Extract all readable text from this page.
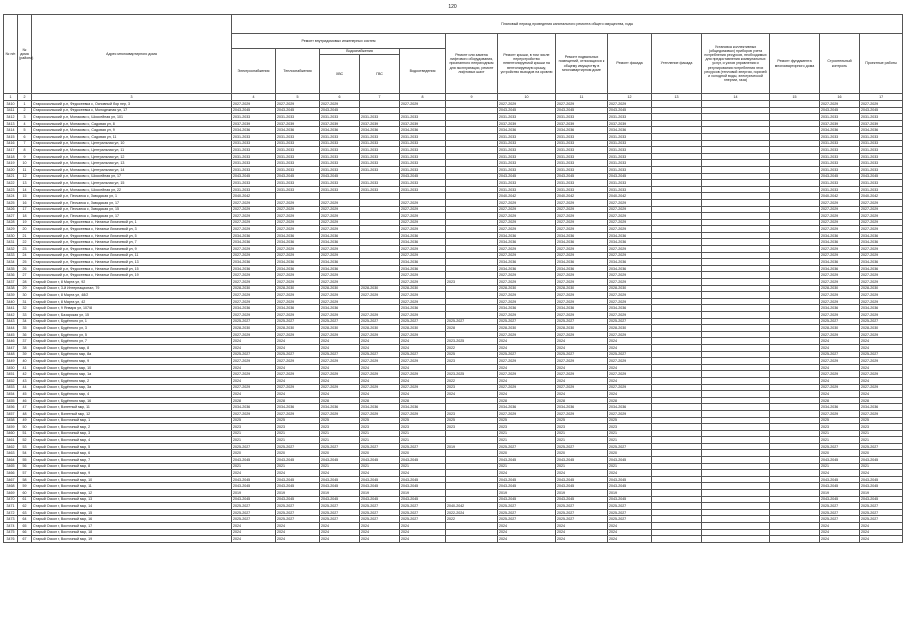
120
№ п/п	№ дома (района)	Адрес многоквартирного дома	Плановый период проведения капитального ремонта общего имущества, годы													
			Ремонт внутридомовых инженерных систем					Ремонт или замена лифтового оборудования, признанного непригодным для эксплуатации, ремонт лифтовых шахт	Ремонт крыши, в том числе переустройство невентилируемой крыши на вентилируемую крышу, устройство выходов на кровлю	Ремонт подвальных помещений, относящихся к общему имуществу в многоквартирном доме	Ремонт фасада	Утепление фасада	Установка коллективных (общедомовых) приборов учета потребления ресурсов, необходимых для предоставления коммунальных услуг, и узлов управления и регулирования потребления этих ресурсов (тепловой энергии, горячей и холодной воды, электрической энергии, газа)	Ремонт фундамента многоквартирного дома	Строительный контроль	Проектные работы
			Электроснабжения	Теплоснабжения	Водоснабжения		Водоотведения									
					ХВС	ГВС										
1	2	3	4	5	6	7	8	9	10	11	12	13	14	15	16	17
3410	1	Старооскольский р-н, Федосеевка с, Основный бор пер, 3	2027-2029	2027-2029	2027-2029		2027-2029		2027-2029	2027-2029	2027-2029				2027-2029	2027-2029
3411	2	Старооскольский р-н, Федосеевка с, Молодежная ул, 17	2043-2045	2043-2045	2043-2045				2043-2045	2043-2045	2043-2045				2043-2045	2043-2045
3412	3	Старооскольский р-н, Монаково с, Шоссейная ул, 101	2031-2033	2031-2033	2031-2033	2031-2033	2031-2033		2031-2033	2031-2033	2031-2033				2031-2033	2031-2033
3413	4	Старооскольский р-н, Монаково с, Садовая ул, 8	2037-2039	2037-2039	2037-2039	2037-2039	2037-2039		2037-2039	2037-2039	2037-2039				2037-2039	2037-2039
3414	5	Старооскольский р-н, Монаково с, Садовая ул, 9	2034-2036	2034-2036	2034-2036	2034-2036	2034-2036		2034-2036	2034-2036	2034-2036				2034-2036	2034-2036
3415	6	Старооскольский р-н, Монаково с, Садовая ул, 11	2031-2033	2031-2033	2031-2033	2031-2033	2031-2033		2031-2033	2031-2033	2031-2033				2031-2033	2031-2033
3416	7	Старооскольский р-н, Монаково с, Центральная ул, 10	2031-2033	2031-2033	2031-2033	2031-2033	2031-2033		2031-2033	2031-2033	2031-2033				2031-2033	2031-2033
3417	8	Старооскольский р-н, Монаково с, Центральная ул, 11	2031-2033	2031-2033	2031-2033	2031-2033	2031-2033		2031-2033	2031-2033	2031-2033				2031-2033	2031-2033
3418	9	Старооскольский р-н, Монаково с, Центральная ул, 12	2031-2033	2031-2033	2031-2033	2031-2033	2031-2033		2031-2033	2031-2033	2031-2033				2031-2033	2031-2033
3419	10	Старооскольский р-н, Монаково с, Центральная ул, 13	2031-2033	2031-2033	2031-2033	2031-2033	2031-2033		2031-2033	2031-2033	2031-2033				2031-2033	2031-2033
3420	11	Старооскольский р-н, Монаково с, Центральная ул, 14	2031-2033	2031-2033	2031-2033	2031-2033	2031-2033		2031-2033	2031-2033	2031-2033				2031-2033	2031-2033
3421	12	Старооскольский р-н, Монаково с, Шоссейная ул, 17	2043-2045	2043-2045	2043-2045		2043-2045		2043-2045	2043-2045	2043-2045				2043-2045	2043-2045
3422	13	Старооскольский р-н, Монаково с, Центральная ул, 15	2031-2033	2031-2033	2031-2033	2031-2033	2031-2033		2031-2033	2031-2033	2031-2033				2031-2033	2031-2033
3423	14	Старооскольский р-н, Монаково с, Шоссейная ул, 22	2031-2033	2031-2033	2031-2033	2031-2033	2031-2033		2031-2033	2031-2033	2031-2033				2031-2033	2031-2033
3424	15	Старооскольский р-н, Песчанка с, Заводская ул, 1	2040-2042						2040-2042	2040-2042	2040-2042				2040-2042	2040-2042
3425	16	Старооскольский р-н, Песчанка с, Заводская ул, 17	2027-2029	2027-2029	2027-2029		2027-2029		2027-2029	2027-2029	2027-2029				2027-2029	2027-2029
3426	17	Старооскольский р-н, Песчанка с, Заводская ул, 15	2027-2029	2027-2029	2027-2029		2027-2029		2027-2029	2027-2029	2027-2029				2027-2029	2027-2029
3427	18	Старооскольский р-н, Песчанка с, Заводская ул, 17	2027-2029	2027-2029	2027-2029		2027-2029		2027-2029	2027-2029	2027-2029				2027-2029	2027-2029
3428	19	Старооскольский р-н, Федосеевка с, Натальи Лихачевой ул, 1	2027-2029	2027-2029	2027-2029		2027-2029		2027-2029	2027-2029	2027-2029				2027-2029	2027-2029
3429	20	Старооскольский р-н, Федосеевка с, Натальи Лихачевой ул, 3	2027-2029	2027-2029	2027-2029		2027-2029		2027-2029	2027-2029	2027-2029				2027-2029	2027-2029
3430	21	Старооскольский р-н, Федосеевка с, Натальи Лихачевой ул, 5	2034-2036	2034-2036	2034-2036		2034-2036		2034-2036	2034-2036	2034-2036				2034-2036	2034-2036
3431	22	Старооскольский р-н, Федосеевка с, Натальи Лихачевой ул, 7	2034-2036	2034-2036	2034-2036		2034-2036		2034-2036	2034-2036	2034-2036				2034-2036	2034-2036
3432	23	Старооскольский р-н, Федосеевка с, Натальи Лихачевой ул, 9	2027-2029	2027-2029	2027-2029		2027-2029		2027-2029	2027-2029	2027-2029				2027-2029	2027-2029
3433	24	Старооскольский р-н, Федосеевка с, Натальи Лихачевой ул, 11	2027-2029	2027-2029	2027-2029		2027-2029		2027-2029	2027-2029	2027-2029				2027-2029	2027-2029
3434	25	Старооскольский р-н, Федосеевка с, Натальи Лихачевой ул, 13	2034-2036	2034-2036	2034-2036		2034-2036		2034-2036	2034-2036	2034-2036				2034-2036	2034-2036
3435	26	Старооскольский р-н, Федосеевка с, Натальи Лихачевой ул, 15	2034-2036	2034-2036	2034-2036		2034-2036		2034-2036	2034-2036	2034-2036				2034-2036	2034-2036
3436	27	Старооскольский р-н, Федосеевка с, Натальи Лихачевой ул, 19	2027-2029	2027-2029	2027-2029		2027-2029		2027-2029	2027-2029	2027-2029				2027-2029	2027-2029
3437	28	Старый Оскол г, 8 Марта ул, 92	2027-2029	2027-2029	2027-2029		2027-2029	2023	2027-2029	2027-2029	2027-2029				2027-2029	2027-2029
3438	29	Старый Оскол г, 3-й Интернационал, 79	2028-2030	2028-2030	2028-2030	2028-2030	2028-2030		2028-2030	2028-2030	2028-2030				2028-2030	2028-2030
3439	30	Старый Оскол г, 8 Марта ул, 48/2	2027-2029	2027-2029	2027-2029	2027-2029	2027-2029		2027-2029	2027-2029	2027-2029				2027-2029	2027-2029
3440	31	Старый Оскол г, 8 Марта ул, 42	2027-2029	2027-2029	2027-2029		2027-2029		2027-2029	2027-2029	2027-2029				2027-2029	2027-2029
3441	32	Старый Оскол г, 9 Января ул, 107/8	2034-2036	2034-2036	2034-2036		2034-2036		2034-2036	2034-2036	2034-2036				2034-2036	2034-2036
3442	33	Старый Оскол г, Базарская ул, 15	2027-2029	2027-2029	2027-2029	2027-2029	2027-2029		2027-2029	2027-2029	2027-2029				2027-2029	2027-2029
3443	34	Старый Оскол г, Будённого ул, 1	2025-2027	2025-2027	2025-2027	2025-2027	2025-2027	2025-2027	2025-2027	2025-2027	2025-2027				2025-2027	2025-2027
3444	35	Старый Оскол г, Будённого ул, 3	2028-2030	2028-2030	2028-2030	2028-2030	2028-2030	2028	2028-2030	2028-2030	2028-2030				2028-2030	2028-2030
3445	36	Старый Оскол г, Будённого ул, 5	2027-2029	2027-2029	2027-2029	2027-2029	2027-2029		2027-2029	2027-2029	2027-2029				2027-2029	2027-2029
3446	37	Старый Оскол г, Будённого ул, 7	2024	2024	2024	2024	2024	2023-2025	2024	2024	2024				2024	2024
3447	38	Старый Оскол г, Будённого мкр, 8	2024	2024	2024	2024	2024	2022	2024	2024	2024				2024	2024
3448	39	Старый Оскол г, Будённого мкр, 8а	2025-2027	2025-2027	2025-2027	2025-2027	2025-2027	2025	2025-2027	2025-2027	2025-2027				2025-2027	2025-2027
3449	40	Старый Оскол г, Будённого мкр, 9	2027-2029	2027-2029	2027-2029	2027-2029	2027-2029	2023	2027-2029	2027-2029	2027-2029				2027-2029	2027-2029
3450	41	Старый Оскол г, Будённого мкр, 10	2024	2024	2024	2024	2024		2024	2024	2024				2024	2024
3451	42	Старый Оскол г, Будённого мкр, 1а	2027-2029	2027-2029	2027-2029	2027-2029	2027-2029	2023-2025	2027-2029	2027-2029	2027-2029				2027-2029	2027-2029
3452	43	Старый Оскол г, Будённого мкр, 2	2024	2024	2024	2024	2024	2022	2024	2024	2024				2024	2024
3453	44	Старый Оскол г, Будённого мкр, 3а	2027-2029	2027-2029	2027-2029	2027-2029	2027-2029	2023	2027-2029	2027-2029	2027-2029				2027-2029	2027-2029
3454	45	Старый Оскол г, Будённого мкр, 4	2024	2024	2024	2024	2024	2024	2024	2024	2024				2024	2024
3455	46	Старый Оскол г, Будённого мкр, 16	2028	2028	2028	2028	2028		2028	2028	2028				2028	2028
3456	47	Старый Оскол г, Взлетный мкр, 11	2034-2036	2034-2036	2034-2036	2034-2036	2034-2036		2034-2036	2034-2036	2034-2036				2034-2036	2034-2036
3457	48	Старый Оскол г, Взлетный мкр, 12	2027-2029	2027-2029	2027-2029	2027-2029	2027-2029	2023	2027-2029	2027-2029	2027-2029				2027-2029	2027-2029
3458	49	Старый Оскол г, Восточный мкр, 1	2025	2025	2025	2025	2025	2025	2025	2025	2025				2025	2025
3459	50	Старый Оскол г, Восточный мкр, 2	2023	2023	2023	2023	2023	2023	2023	2023	2023				2023	2023
3460	51	Старый Оскол г, Восточный мкр, 3	2021	2021	2021	2021	2021		2021	2021	2021				2021	2021
3461	52	Старый Оскол г, Восточный мкр, 4	2021	2021	2021	2021	2021		2021	2021	2021				2021	2021
3462	53	Старый Оскол г, Восточный мкр, 5	2025-2027	2025-2027	2025-2027	2025-2027	2025-2027	2019	2025-2027	2025-2027	2025-2027				2025-2027	2025-2027
3463	54	Старый Оскол г, Восточный мкр, 6	2020	2020	2020	2020	2020		2020	2020	2020				2020	2020
3464	55	Старый Оскол г, Восточный мкр, 7	2043-2045	2043-2045	2043-2045	2043-2045	2043-2045		2043-2045	2043-2045	2043-2045				2043-2045	2043-2045
3465	56	Старый Оскол г, Восточный мкр, 8	2021	2021	2021	2021	2021		2021	2021	2021				2021	2021
3466	57	Старый Оскол г, Восточный мкр, 9	2024	2024	2024	2024	2024		2024	2024	2024				2024	2024
3467	58	Старый Оскол г, Восточный мкр, 10	2043-2045	2043-2045	2043-2045	2043-2045	2043-2045		2043-2045	2043-2045	2043-2045				2043-2045	2043-2045
3468	59	Старый Оскол г, Восточный мкр, 11	2043-2045	2043-2045	2043-2045	2043-2045	2043-2045		2043-2045	2043-2045	2043-2045				2043-2045	2043-2045
3469	60	Старый Оскол г, Восточный мкр, 12	2019	2019	2019	2019	2019		2019	2019	2019				2019	2019
3470	61	Старый Оскол г, Восточный мкр, 13	2043-2045	2043-2045	2043-2045	2043-2045	2043-2045		2043-2045	2043-2045	2043-2045				2043-2045	2043-2045
3471	62	Старый Оскол г, Восточный мкр, 14	2025-2027	2025-2027	2025-2027	2025-2027	2025-2027	2040-2042	2025-2027	2025-2027	2025-2027				2025-2027	2025-2027
3472	63	Старый Оскол г, Восточный мкр, 15	2025-2027	2025-2027	2025-2027	2025-2027	2025-2027	2022-2024	2025-2027	2025-2027	2025-2027				2025-2027	2025-2027
3473	64	Старый Оскол г, Восточный мкр, 16	2025-2027	2025-2027	2025-2027	2025-2027	2025-2027	2022	2025-2027	2025-2027	2025-2027				2025-2027	2025-2027
3474	65	Старый Оскол г, Восточный мкр, 17	2024	2024	2024	2024	2024		2024	2024	2024				2024	2024
3475	66	Старый Оскол г, Восточный мкр, 18	2024	2024	2024	2024	2024		2024	2024	2024				2024	2024
3476	67	Старый Оскол г, Восточный мкр, 19	2024	2024	2024	2024	2024		2024	2024	2024				2024	2024
